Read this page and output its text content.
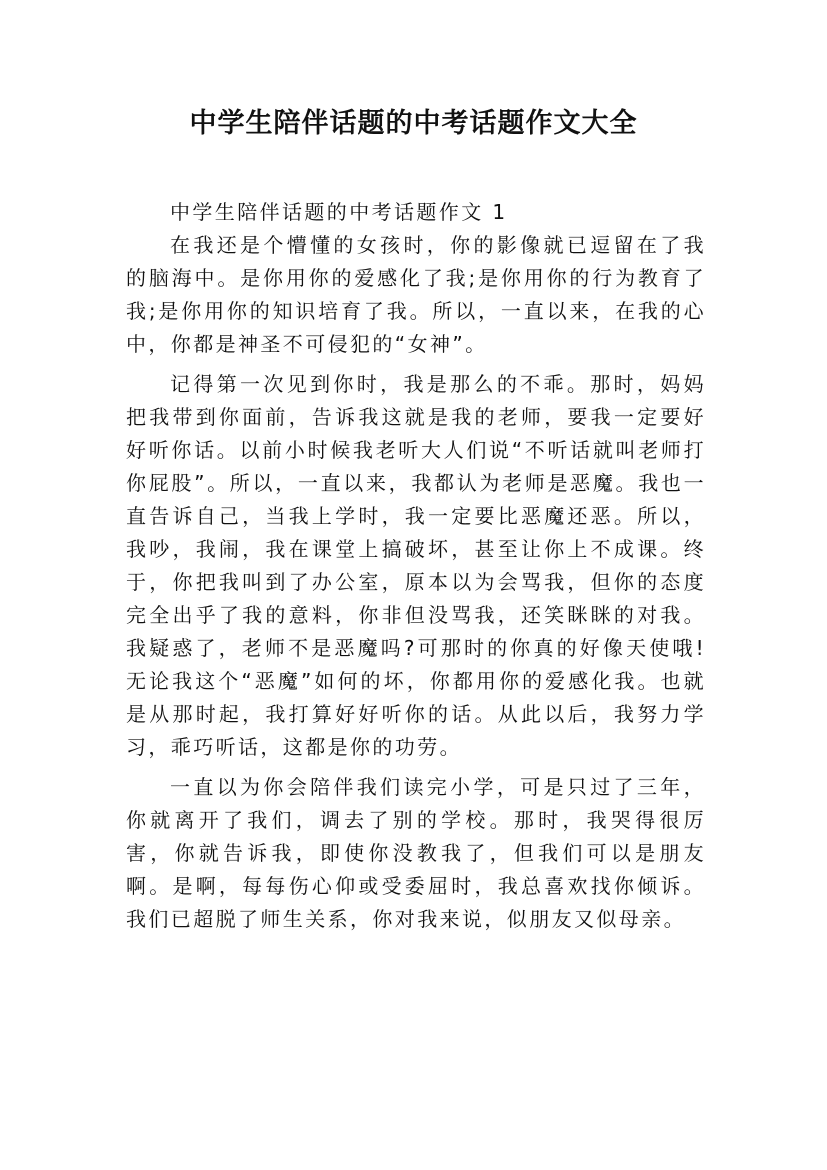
中学生陪伴话题的中考话题作文大全

中学生陪伴话题的中考话题作文 1

在我还是个懵懂的女孩时，你的影像就已逗留在了我的脑海中。是你用你的爱感化了我;是你用你的行为教育了我;是你用你的知识培育了我。所以，一直以来，在我的心中，你都是神圣不可侵犯的“女神”。

记得第一次见到你时，我是那么的不乖。那时，妈妈把我带到你面前，告诉我这就是我的老师，要我一定要好好听你话。以前小时候我老听大人们说“不听话就叫老师打你屁股”。所以，一直以来，我都认为老师是恶魔。我也一直告诉自己，当我上学时，我一定要比恶魔还恶。所以，我吵，我闹，我在课堂上搞破坏，甚至让你上不成课。终于，你把我叫到了办公室，原本以为会骂我，但你的态度完全出乎了我的意料，你非但没骂我，还笑眯眯的对我。我疑惑了，老师不是恶魔吗?可那时的你真的好像天使哦!无论我这个“恶魔”如何的坏，你都用你的爱感化我。也就是从那时起，我打算好好听你的话。从此以后，我努力学习，乖巧听话，这都是你的功劳。

一直以为你会陪伴我们读完小学，可是只过了三年，你就离开了我们，调去了别的学校。那时，我哭得很厉害，你就告诉我，即使你没教我了，但我们可以是朋友啊。是啊，每每伤心仰或受委屈时，我总喜欢找你倾诉。我们已超脱了师生关系，你对我来说，似朋友又似母亲。
